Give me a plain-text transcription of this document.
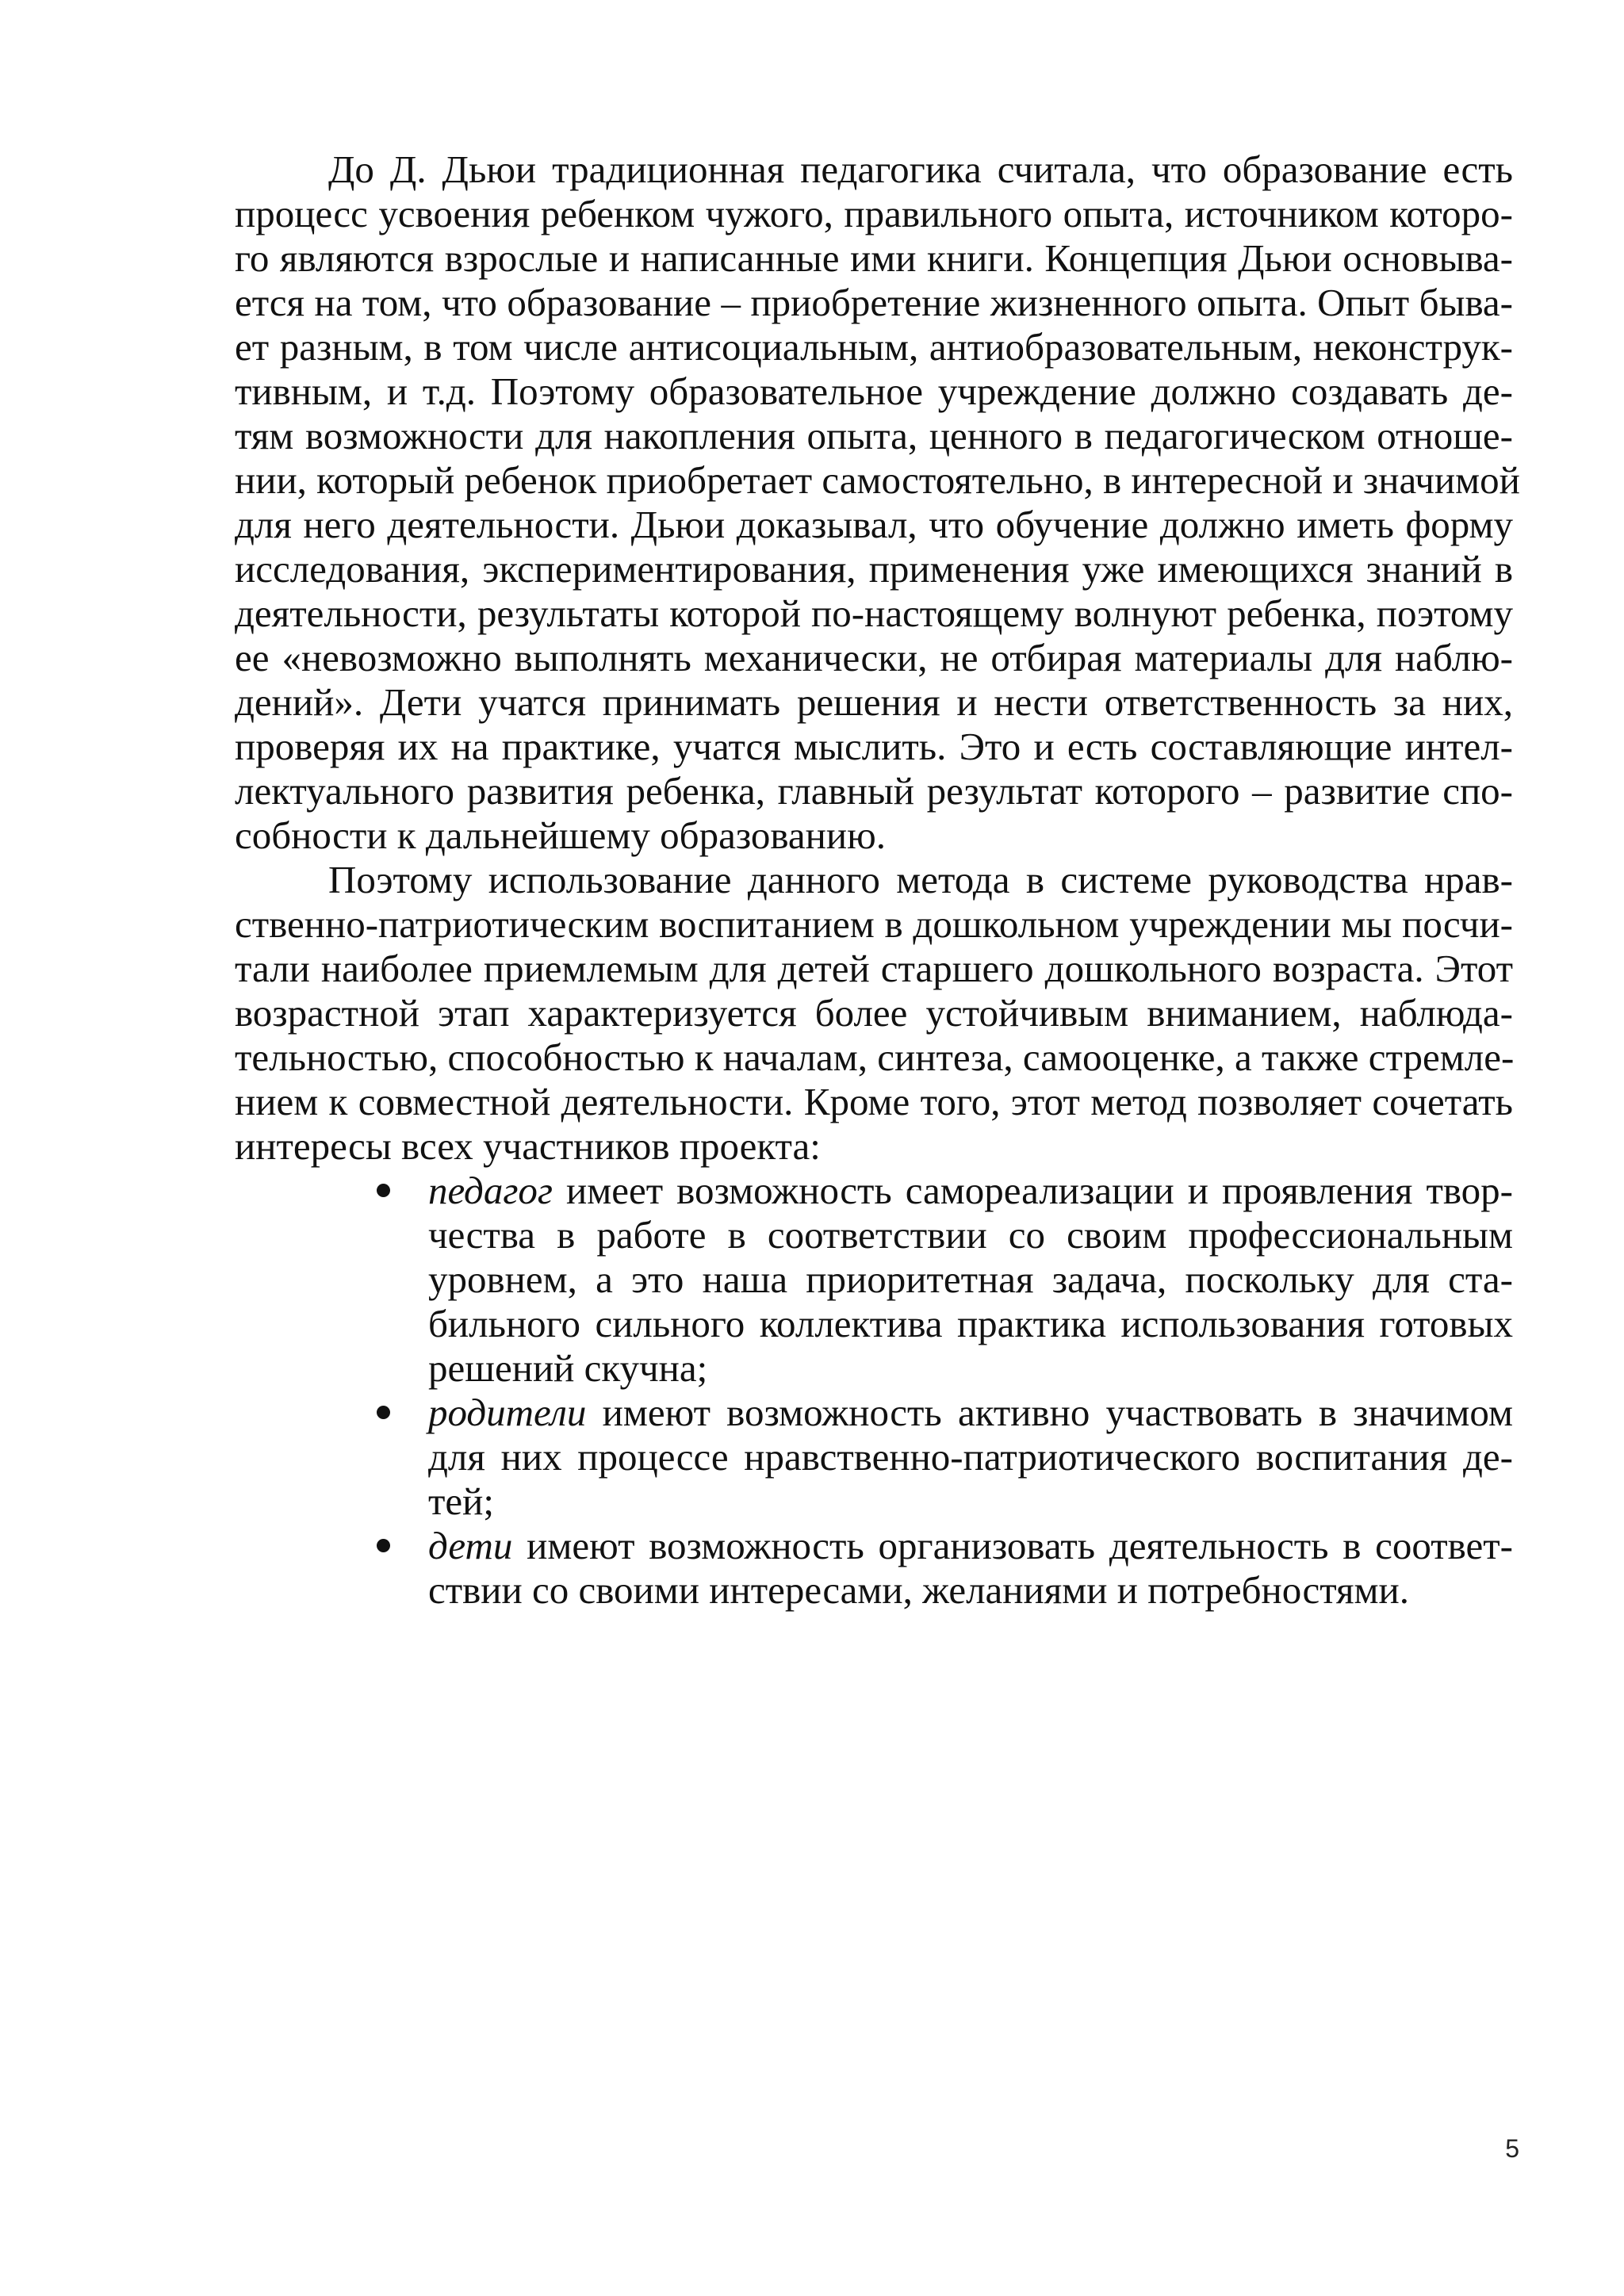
До Д. Дьюи традиционная педагогика считала, что образование есть
процесс усвоения ребенком чужого, правильного опыта, источником которо-
го являются взрослые и написанные ими книги. Концепция Дьюи основыва-
ется на том, что образование – приобретение жизненного опыта. Опыт быва-
ет разным, в том числе антисоциальным, антиобразовательным, неконструк-
тивным, и т.д. Поэтому образовательное учреждение должно создавать де-
тям возможности для накопления опыта, ценного в педагогическом отноше-
нии, который ребенок приобретает самостоятельно, в интересной и значимой
для него деятельности. Дьюи доказывал, что обучение должно иметь форму
исследования, экспериментирования, применения уже имеющихся знаний в
деятельности, результаты которой по-настоящему волнуют ребенка, поэтому
ее «невозможно выполнять механически, не отбирая материалы для наблю-
дений». Дети учатся принимать решения и нести ответственность за них,
проверяя их на практике, учатся мыслить. Это и есть составляющие интел-
лектуального развития ребенка, главный результат которого – развитие спо-
собности к дальнейшему образованию.
Поэтому использование данного метода в системе руководства нрав-
ственно-патриотическим воспитанием в дошкольном учреждении мы посчи-
тали наиболее приемлемым для детей старшего дошкольного возраста. Этот
возрастной этап характеризуется более устойчивым вниманием, наблюда-
тельностью, способностью к началам, синтеза, самооценке, а также стремле-
нием к совместной деятельности. Кроме того, этот метод позволяет сочетать
интересы всех участников проекта:
педагог имеет возможность самореализации и проявления твор-
чества в работе в соответствии со своим профессиональным
уровнем, а это наша приоритетная задача, поскольку для ста-
бильного сильного коллектива практика использования готовых
решений скучна;
родители имеют возможность активно участвовать в значимом
для них процессе нравственно-патриотического воспитания де-
тей;
дети имеют возможность организовать деятельность в соответ-
ствии со своими интересами, желаниями и потребностями.
5
